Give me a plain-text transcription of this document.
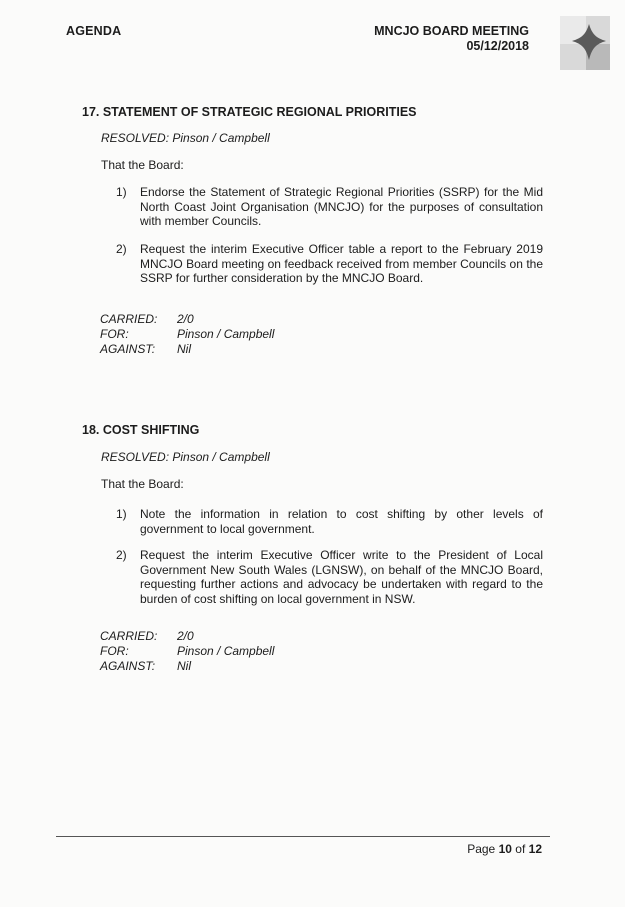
AGENDA	MNCJO BOARD MEETING
05/12/2018
17. STATEMENT OF STRATEGIC REGIONAL PRIORITIES
RESOLVED: Pinson / Campbell
That the Board:
1) Endorse the Statement of Strategic Regional Priorities (SSRP) for the Mid North Coast Joint Organisation (MNCJO) for the purposes of consultation with member Councils.
2) Request the interim Executive Officer table a report to the February 2019 MNCJO Board meeting on feedback received from member Councils on the SSRP for further consideration by the MNCJO Board.
CARRIED:	2/0
FOR:	Pinson / Campbell
AGAINST:	Nil
18. COST SHIFTING
RESOLVED: Pinson / Campbell
That the Board:
1) Note the information in relation to cost shifting by other levels of government to local government.
2) Request the interim Executive Officer write to the President of Local Government New South Wales (LGNSW), on behalf of the MNCJO Board, requesting further actions and advocacy be undertaken with regard to the burden of cost shifting on local government in NSW.
CARRIED:	2/0
FOR:	Pinson / Campbell
AGAINST:	Nil
Page 10 of 12
